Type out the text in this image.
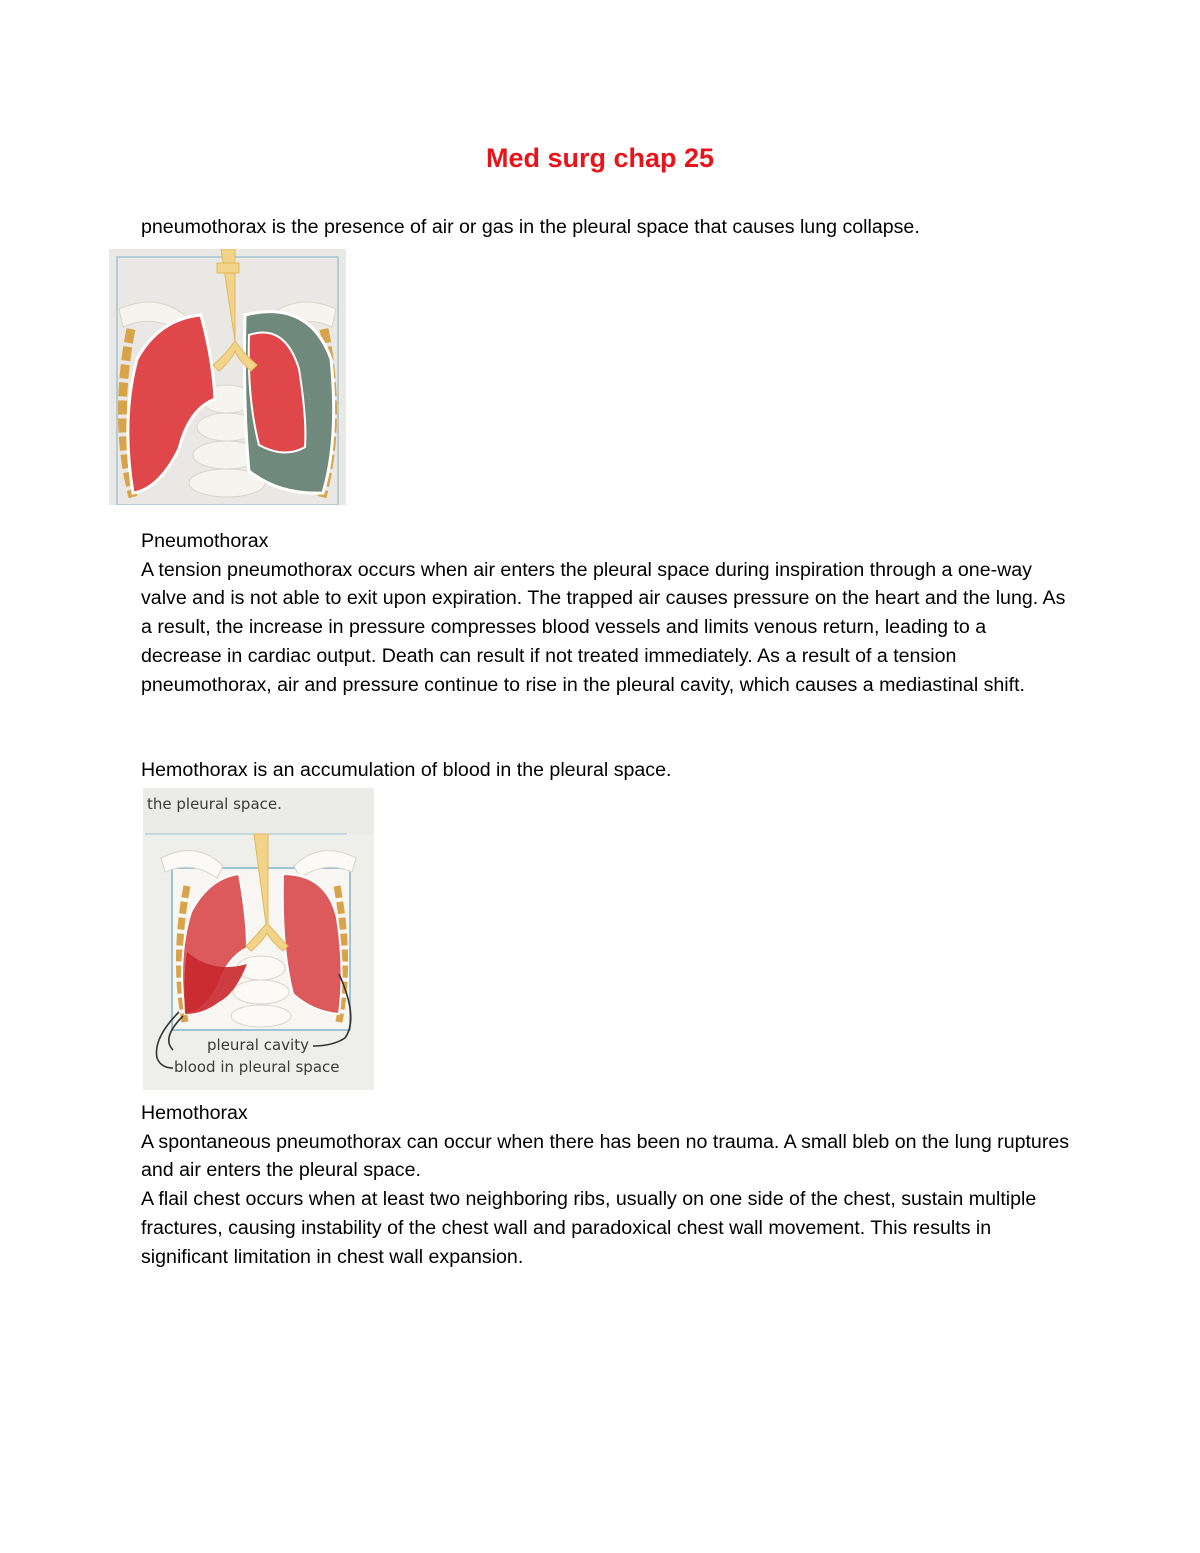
Med surg chap 25

pneumothorax is the presence of air or gas in the pleural space that causes lung collapse.

Pneumothorax

A tension pneumothorax occurs when air enters the pleural space during inspiration through a one-way valve and is not able to exit upon expiration. The trapped air causes pressure on the heart and the lung. As a result, the increase in pressure compresses blood vessels and limits venous return, leading to a decrease in cardiac output. Death can result if not treated immediately. As a result of a tension pneumothorax, air and pressure continue to rise in the pleural cavity, which causes a mediastinal shift.

Hemothorax is an accumulation of blood in the pleural space.

the pleural space.
pleural cavity
blood in pleural space

Hemothorax

A spontaneous pneumothorax can occur when there has been no trauma. A small bleb on the lung ruptures and air enters the pleural space.

A flail chest occurs when at least two neighboring ribs, usually on one side of the chest, sustain multiple fractures, causing instability of the chest wall and paradoxical chest wall movement. This results in significant limitation in chest wall expansion.
